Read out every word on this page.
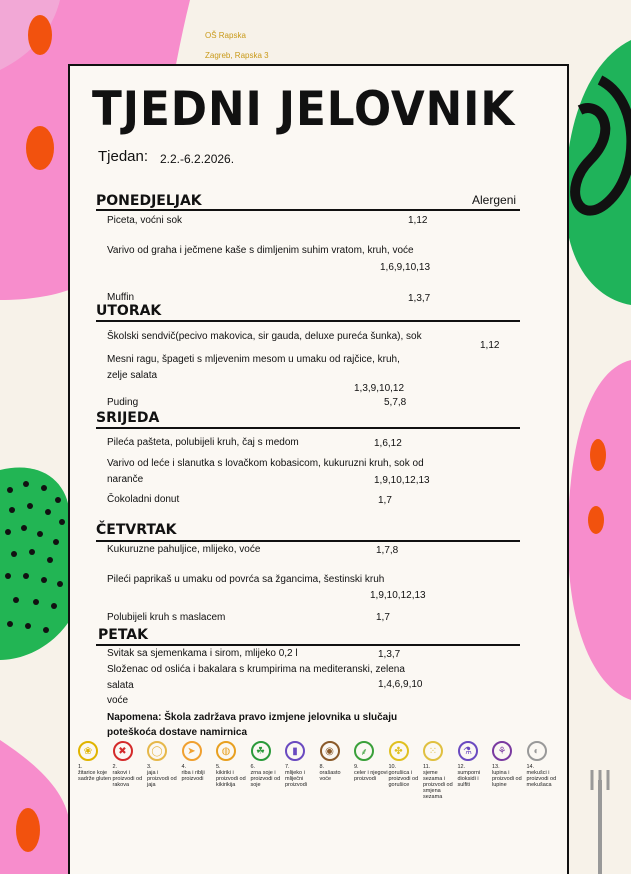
OŠ Rapska
Zagreb, Rapska 3
TJEDNI JELOVNIK
Tjedan: 2.2.-6.2.2026.
PONEDJELJAK	Alergeni
Piceta, voćni sok	1,12
Varivo od graha i ječmene kaše s dimljenim suhim vratom, kruh, voće
1,6,9,10,13
Muffin	1,3,7
UTORAK
Školski sendvič(pecivo makovica, sir gauda, deluxe pureća šunka), sok
1,12
Mesni ragu, špageti s mljevenim mesom u umaku od rajčice, kruh, zelje salata
1,3,9,10,12
Puding	5,7,8
SRIJEDA
Pileća pašteta, polubijeli kruh, čaj s medom	1,6,12
Varivo od leće i slanutka s lovačkom kobasicom, kukuruzni kruh, sok od naranče	1,9,10,12,13
Čokoladni donut	1,7
ČETVRTAK
Kukuruzne pahuljice, mlijeko, voće	1,7,8
Pileći paprikaš u umaku od povrća sa žgancima, šestinski kruh
1,9,10,12,13
Polubijeli kruh s maslacem	1,7
PETAK
Svitak sa sjemenkama i sirom, mlijeko 0,2 l	1,3,7
Složenac od oslića i bakalara s krumpirima na mediteranski, zelena salata	1,4,6,9,10
voće
Napomena: Škola zadržava pravo izmjene jelovnika u slučaju poteškoća dostave namirnica
❀
1.
žitarice koje sadrže gluten
✖
2.
rakovi i proizvodi od rakova
◯
3.
jaja i proizvodi od jaja
➤
4.
riba i riblji proizvodi
◍
5.
kikiriki i proizvodi od kikirikija
☘
6.
zrna soje i proizvodi od soje
▮
7.
mlijeko i mliječni proizvodi
◉
8.
orašasto voće
⸙
9.
celer i njegovi proizvodi
✤
10.
gorušica i proizvodi od gorušice
⁙
11.
sjeme sezama i proizvodi od smjena sezama
⚗
12.
sumporni dioksidi i sulfiti
⚘
13.
lupina i proizvodi od lupine
◐
14.
mekušci i proizvodi od mekušaca
